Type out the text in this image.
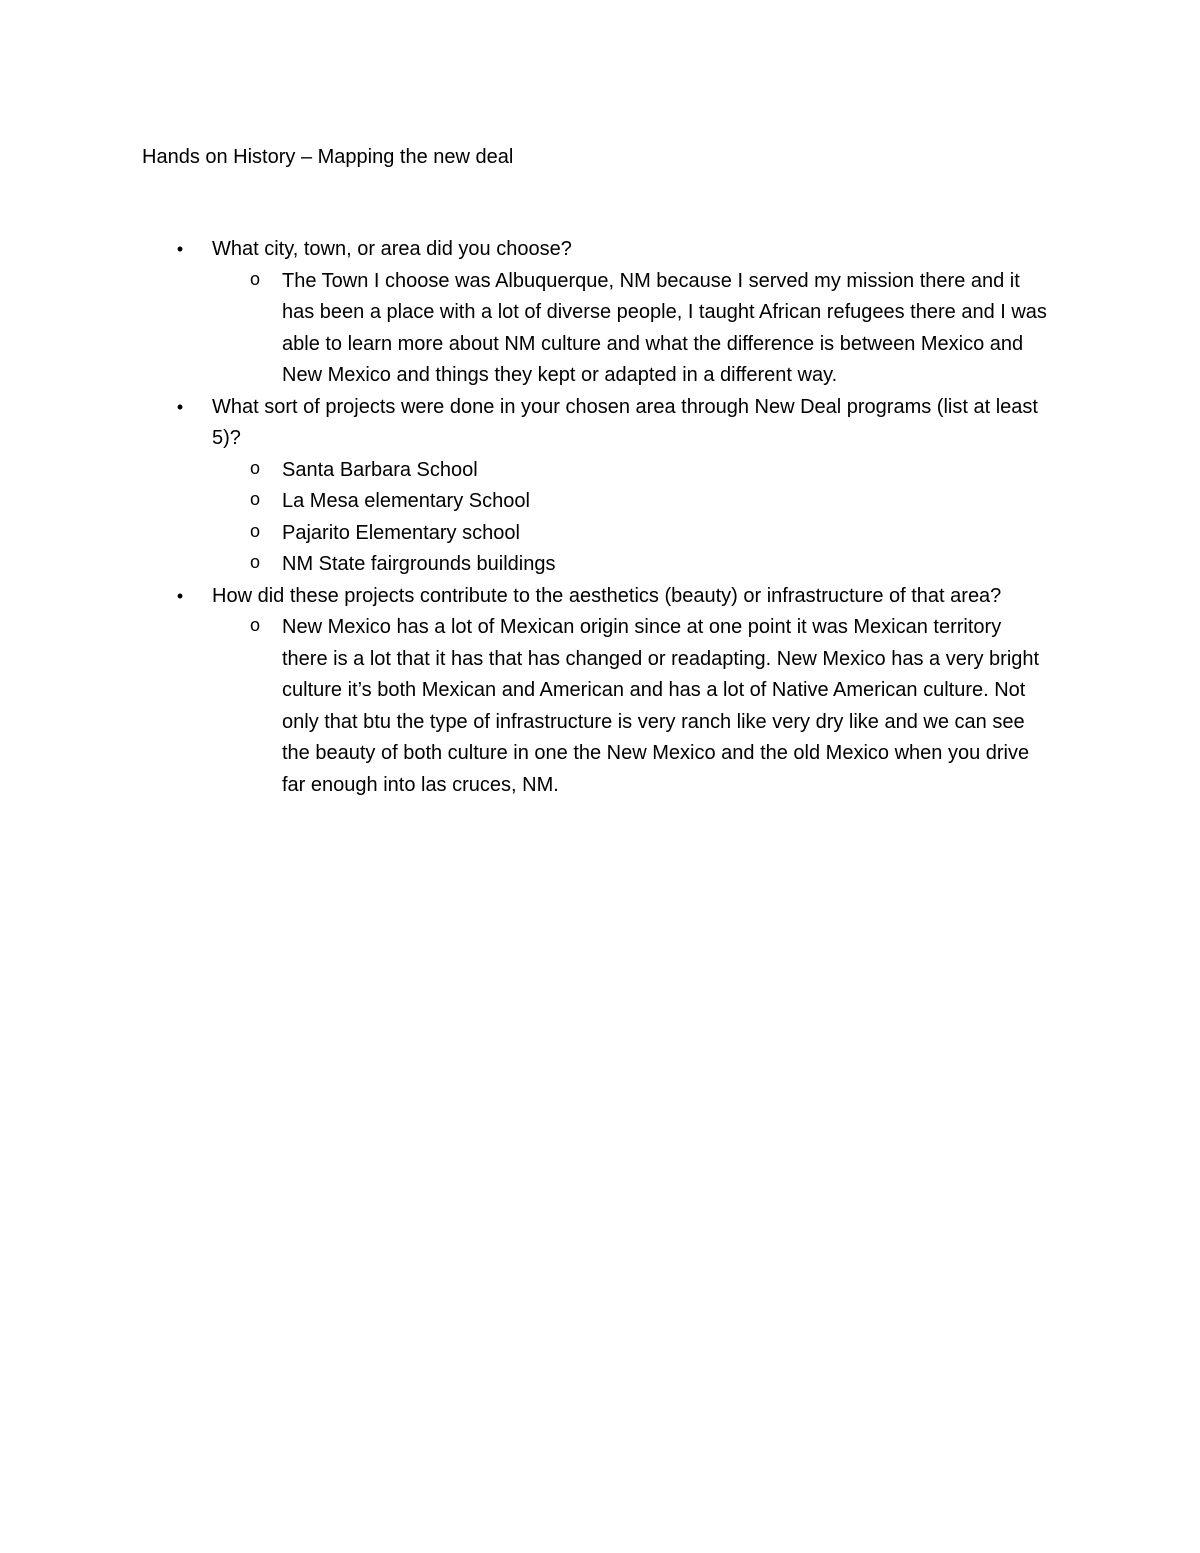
Hands on History – Mapping the new deal
• What city, town, or area did you choose?
o The Town I choose was Albuquerque, NM because I served my mission there and it has been a place with a lot of diverse people, I taught African refugees there and I was able to learn more about NM culture and what the difference is between Mexico and New Mexico and things they kept or adapted in a different way.
• What sort of projects were done in your chosen area through New Deal programs (list at least 5)?
o Santa Barbara School
o La Mesa elementary School
o Pajarito Elementary school
o NM State fairgrounds buildings
• How did these projects contribute to the aesthetics (beauty) or infrastructure of that area?
o New Mexico has a lot of Mexican origin since at one point it was Mexican territory there is a lot that it has that has changed or readapting. New Mexico has a very bright culture it’s both Mexican and American and has a lot of Native American culture. Not only that btu the type of infrastructure is very ranch like very dry like and we can see the beauty of both culture in one the New Mexico and the old Mexico when you drive far enough into las cruces, NM.
